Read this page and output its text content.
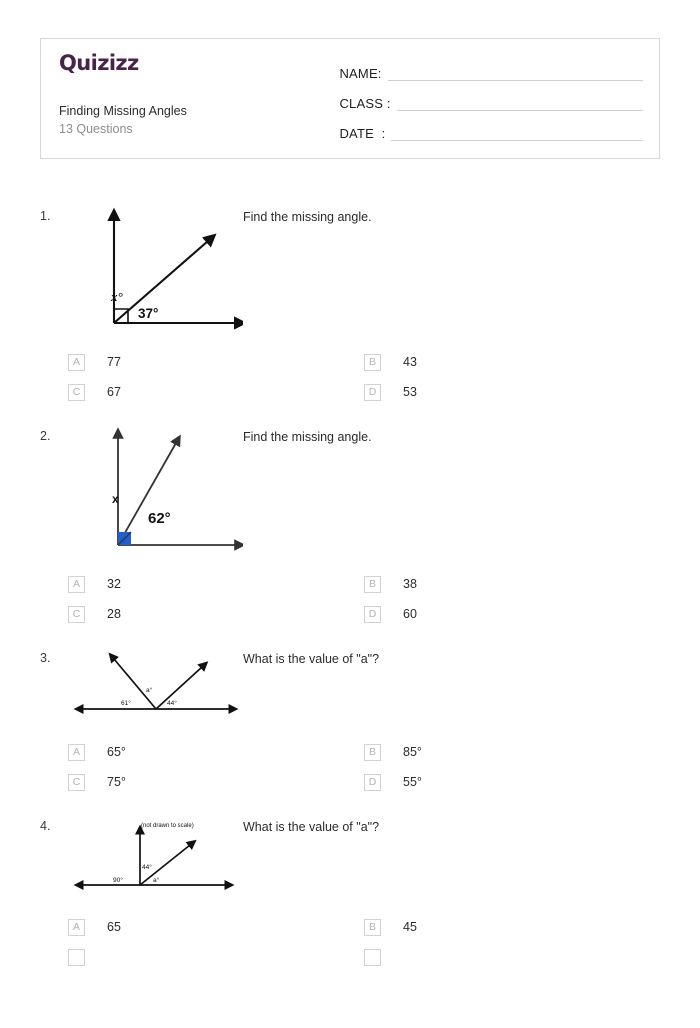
Quizizz
Finding Missing Angles
13 Questions
NAME:
CLASS :
DATE  :
1.
x°
37°
Find the missing angle.
A	77	B	43
C	67	D	53
2.
x
62°
Find the missing angle.
A	32	B	38
C	28	D	60
3.
61°
a°
44°
What is the value of "a"?
A	65°	B	85°
C	75°	D	55°
4.	(not drawn to scale)
90°
44°
a°
What is the value of "a"?
A	65	B	45
